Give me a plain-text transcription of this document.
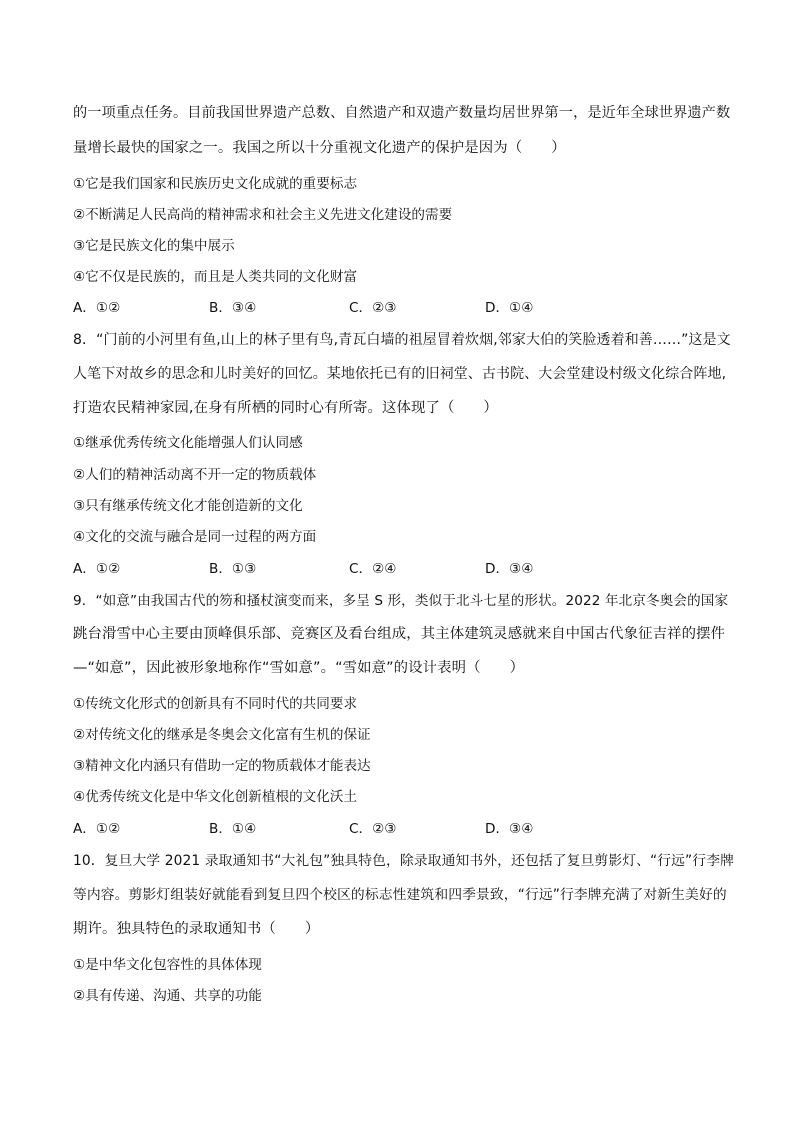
的一项重点任务。目前我国世界遗产总数、自然遗产和双遗产数量均居世界第一，是近年全球世界遗产数
量增长最快的国家之一。我国之所以十分重视文化遗产的保护是因为（　　）
①它是我们国家和民族历史文化成就的重要标志
②不断满足人民高尚的精神需求和社会主义先进文化建设的需要
③它是民族文化的集中展示
④它不仅是民族的，而且是人类共同的文化财富
A．①②	B．③④	C．②③	D．①④
8．“门前的小河里有鱼,山上的林子里有鸟,青瓦白墙的祖屋冒着炊烟,邻家大伯的笑脸透着和善……”这是文
人笔下对故乡的思念和儿时美好的回忆。某地依托已有的旧祠堂、古书院、大会堂建设村级文化综合阵地,
打造农民精神家园,在身有所栖的同时心有所寄。这体现了（　　）
①继承优秀传统文化能增强人们认同感
②人们的精神活动离不开一定的物质载体
③只有继承传统文化才能创造新的文化
④文化的交流与融合是同一过程的两方面
A．①②	B．①③	C．②④	D．③④
9．“如意”由我国古代的笏和搔杖演变而来，多呈 S 形，类似于北斗七星的形状。2022 年北京冬奥会的国家
跳台滑雪中心主要由顶峰俱乐部、竞赛区及看台组成，其主体建筑灵感就来自中国古代象征吉祥的摆件
—“如意”，因此被形象地称作“雪如意”。“雪如意”的设计表明（　　）
①传统文化形式的创新具有不同时代的共同要求
②对传统文化的继承是冬奥会文化富有生机的保证
③精神文化内涵只有借助一定的物质载体才能表达
④优秀传统文化是中华文化创新植根的文化沃土
A．①②	B．①④	C．②③	D．③④
10．复旦大学 2021 录取通知书“大礼包”独具特色，除录取通知书外，还包括了复旦剪影灯、“行远”行李牌
等内容。剪影灯组装好就能看到复旦四个校区的标志性建筑和四季景致，“行远”行李牌充满了对新生美好的
期许。独具特色的录取通知书（　　）
①是中华文化包容性的具体体现
②具有传递、沟通、共享的功能
